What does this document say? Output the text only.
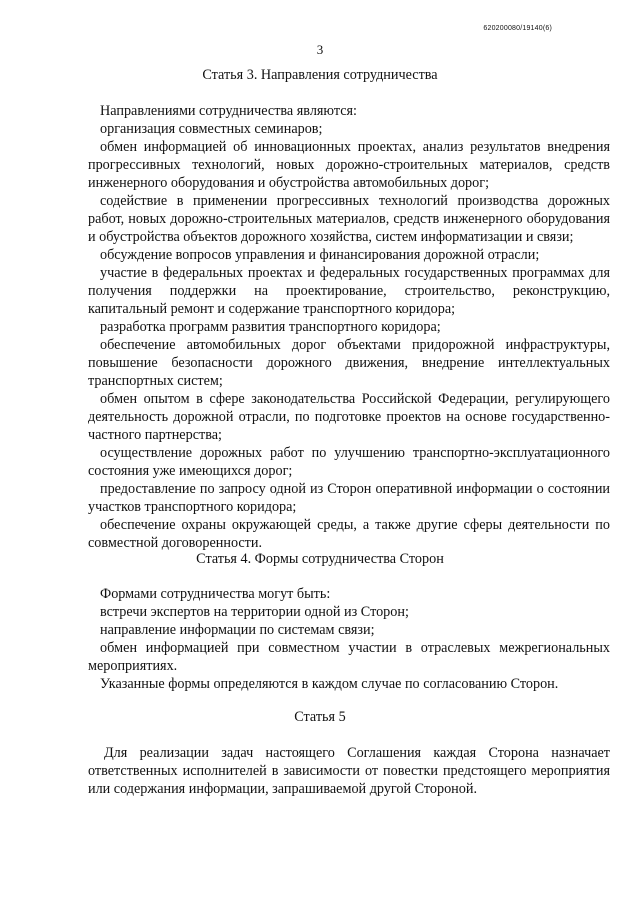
620200080/19140(6)
3
Статья 3. Направления сотрудничества

Направлениями сотрудничества являются:

организация совместных семинаров;

обмен информацией об инновационных проектах, анализ результатов внедрения прогрессивных технологий, новых дорожно-строительных материалов, средств инженерного оборудования и обустройства автомобильных дорог;

содействие в применении прогрессивных технологий производства дорожных работ, новых дорожно-строительных материалов, средств инженерного оборудования и обустройства объектов дорожного хозяйства, систем информатизации и связи;

обсуждение вопросов управления и финансирования дорожной отрасли;

участие в федеральных проектах и федеральных государственных программах для получения поддержки на проектирование, строительство, реконструкцию, капитальный ремонт и содержание транспортного коридора;

разработка программ развития транспортного коридора;

обеспечение автомобильных дорог объектами придорожной инфраструктуры, повышение безопасности дорожного движения, внедрение интеллектуальных транспортных систем;

обмен опытом в сфере законодательства Российской Федерации, регулирующего деятельность дорожной отрасли, по подготовке проектов на основе государственно-частного партнерства;

осуществление дорожных работ по улучшению транспортно-эксплуатационного состояния уже имеющихся дорог;

предоставление по запросу одной из Сторон оперативной информации о состоянии участков транспортного коридора;

обеспечение охраны окружающей среды, а также другие сферы деятельности по совместной договоренности.

Статья 4. Формы сотрудничества Сторон

Формами сотрудничества могут быть:

встречи экспертов на территории одной из Сторон;

направление информации по системам связи;

обмен информацией при совместном участии в отраслевых межрегиональных мероприятиях.

Указанные формы определяются в каждом случае по согласованию Сторон.

Статья 5

Для реализации задач настоящего Соглашения каждая Сторона назначает ответственных исполнителей в зависимости от повестки предстоящего мероприятия или содержания информации, запрашиваемой другой Стороной.
